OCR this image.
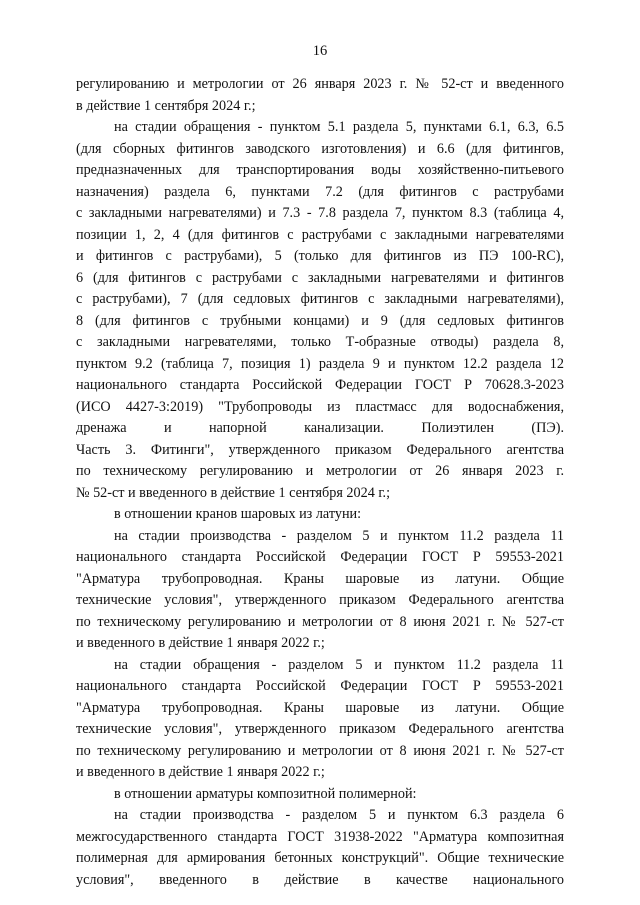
16
регулированию и метрологии от 26 января 2023 г. № 52-ст и введенного
в действие 1 сентября 2024 г.;
на стадии обращения - пунктом 5.1 раздела 5, пунктами 6.1, 6.3, 6.5
(для сборных фитингов заводского изготовления) и 6.6 (для фитингов,
предназначенных для транспортирования воды хозяйственно-питьевого
назначения) раздела 6, пунктами 7.2 (для фитингов с раструбами
с закладными нагревателями) и 7.3 - 7.8 раздела 7, пунктом 8.3 (таблица 4,
позиции 1, 2, 4 (для фитингов с раструбами с закладными нагревателями
и фитингов с раструбами), 5 (только для фитингов из ПЭ 100-RC),
6 (для фитингов с раструбами с закладными нагревателями и фитингов
с раструбами), 7 (для седловых фитингов с закладными нагревателями),
8 (для фитингов с трубными концами) и 9 (для седловых фитингов
с закладными нагревателями, только Т-образные отводы) раздела 8,
пунктом 9.2 (таблица 7, позиция 1) раздела 9 и пунктом 12.2 раздела 12
национального стандарта Российской Федерации ГОСТ Р 70628.3-2023
(ИСО 4427-3:2019) "Трубопроводы из пластмасс для водоснабжения,
дренажа и напорной канализации. Полиэтилен (ПЭ).
Часть 3. Фитинги", утвержденного приказом Федерального агентства
по техническому регулированию и метрологии от 26 января 2023 г.
№ 52-ст и введенного в действие 1 сентября 2024 г.;
в отношении кранов шаровых из латуни:
на стадии производства - разделом 5 и пунктом 11.2 раздела 11
национального стандарта Российской Федерации ГОСТ Р 59553-2021
"Арматура трубопроводная. Краны шаровые из латуни. Общие
технические условия", утвержденного приказом Федерального агентства
по техническому регулированию и метрологии от 8 июня 2021 г. № 527-ст
и введенного в действие 1 января 2022 г.;
на стадии обращения - разделом 5 и пунктом 11.2 раздела 11
национального стандарта Российской Федерации ГОСТ Р 59553-2021
"Арматура трубопроводная. Краны шаровые из латуни. Общие
технические условия", утвержденного приказом Федерального агентства
по техническому регулированию и метрологии от 8 июня 2021 г. № 527-ст
и введенного в действие 1 января 2022 г.;
в отношении арматуры композитной полимерной:
на стадии производства - разделом 5 и пунктом 6.3 раздела 6
межгосударственного стандарта ГОСТ 31938-2022 "Арматура композитная
полимерная для армирования бетонных конструкций". Общие технические
условия", введенного в действие в качестве национального
